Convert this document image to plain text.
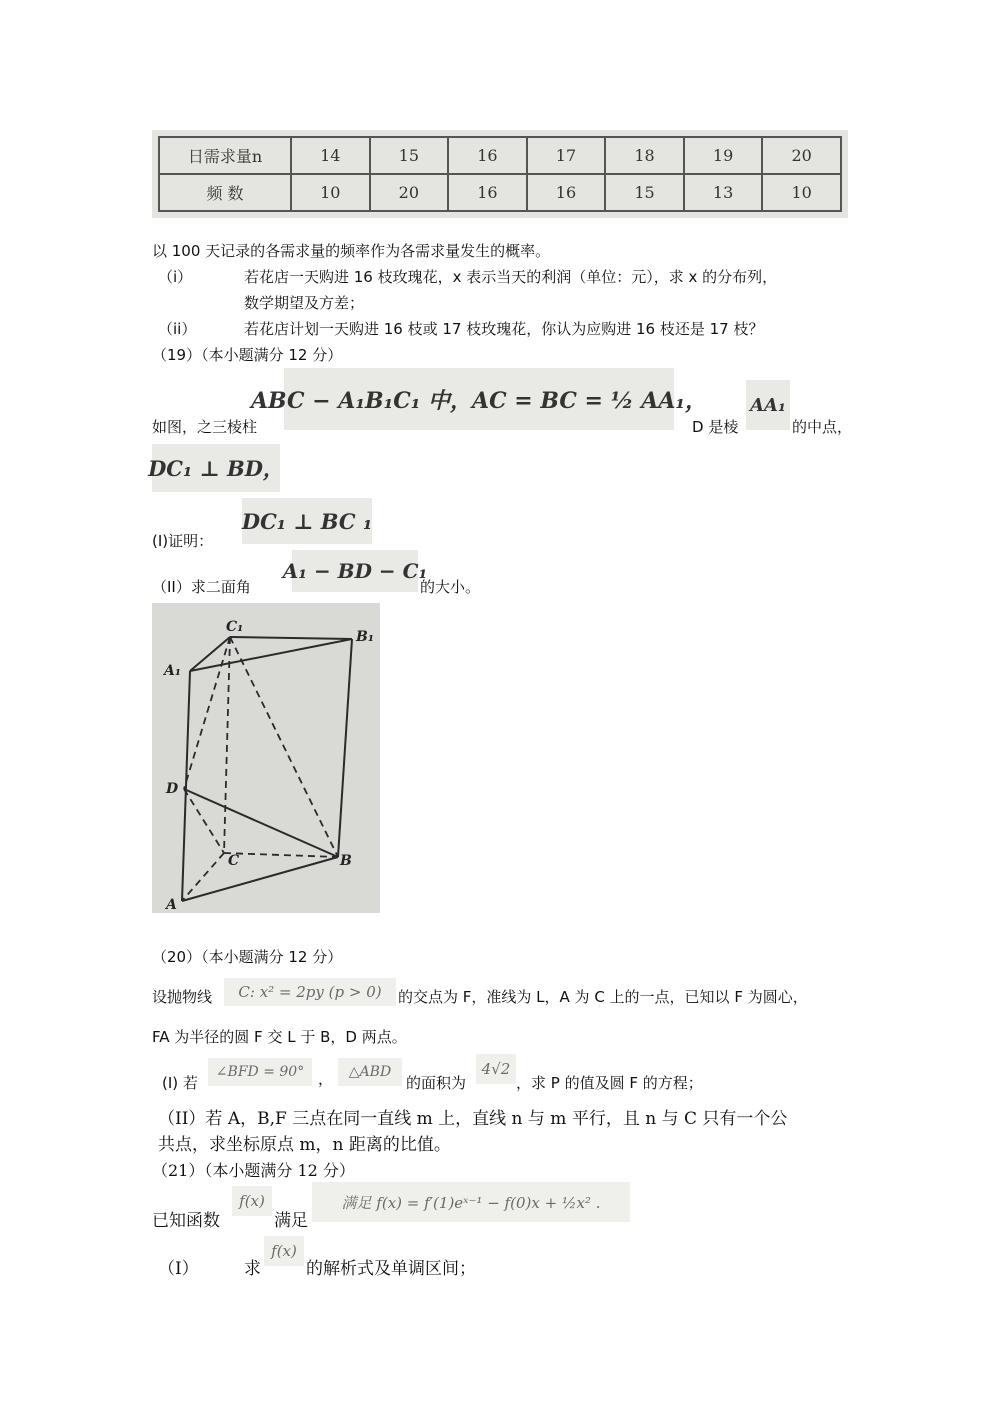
日需求量n	14	15	16	17	18	19	20
频 数	10	20	16	16	15	13	10
以 100 天记录的各需求量的频率作为各需求量发生的概率。
（i）	若花店一天购进 16 枝玫瑰花，x 表示当天的利润（单位：元），求 x 的分布列，
数学期望及方差；
（ii）	若花店计划一天购进 16 枝或 17 枝玫瑰花，你认为应购进 16 枝还是 17 枝？
（19）（本小题满分 12 分）
如图，之三棱柱
ABC − A₁B₁C₁ 中，AC = BC = ½ AA₁，
D 是棱
AA₁
的中点，
DC₁ ⊥ BD，
(Ⅰ)证明：
DC₁ ⊥ BC ₁
（ⅠⅠ）求二面角
A₁ − BD − C₁
的大小。
C₁
B₁
A₁
D
C	B
A
（20）（本小题满分 12 分）
设抛物线	C: x² = 2py (p > 0)	的交点为 F，准线为 L，A 为 C 上的一点，已知以 F 为圆心，
FA 为半径的圆 F 交 L 于 B，D 两点。
(Ⅰ) 若
∠BFD = 90° ，	△ABD
的面积为
4√2
，求 P 的值及圆 F 的方程；
（II）若 A，B,F 三点在同一直线 m 上，直线 n 与 m 平行，且 n 与 C 只有一个公
共点，求坐标原点 m，n 距离的比值。
（21）（本小题满分 12 分）
已知函数
f(x)
满足
满足 f(x) = f′(1)eˣ⁻¹ − f(0)x + ½x² .
（I）	求
f(x)
的解析式及单调区间；
